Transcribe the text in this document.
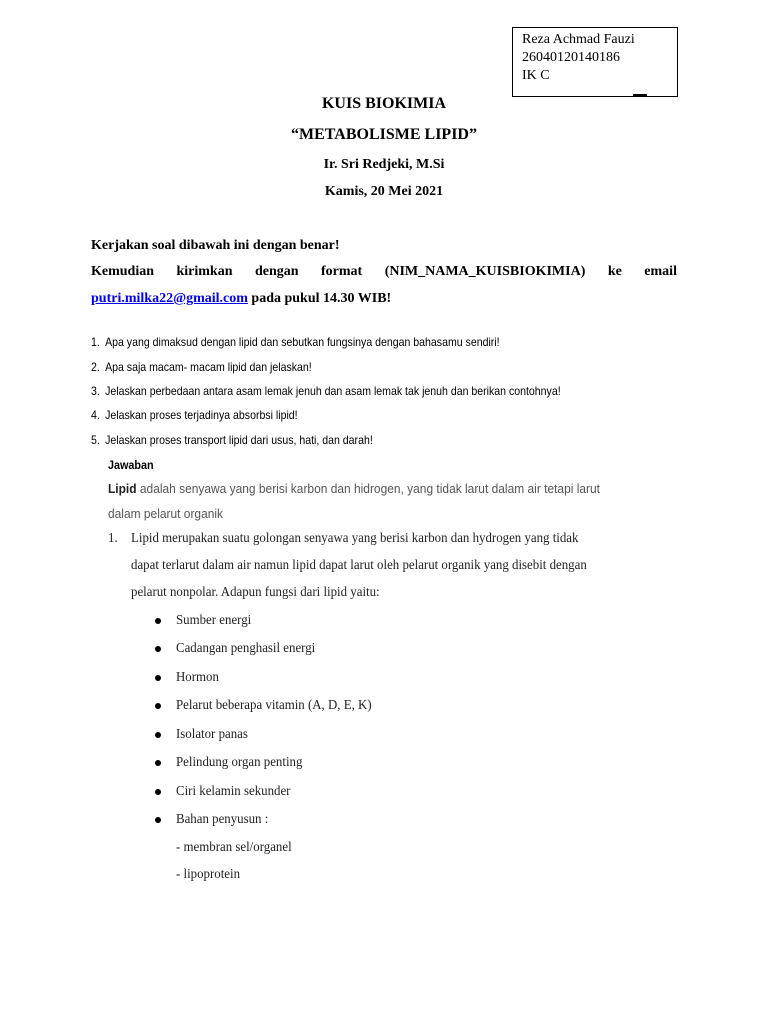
Reza Achmad Fauzi
26040120140186
IK C
KUIS BIOKIMIA
“METABOLISME LIPID”
Ir. Sri Redjeki, M.Si
Kamis, 20 Mei 2021
Kerjakan soal dibawah ini dengan benar!
Kemudian kirimkan dengan format (NIM_NAMA_KUISBIOKIMIA) ke email
putri.milka22@gmail.com pada pukul 14.30 WIB!
1. Apa yang dimaksud dengan lipid dan sebutkan fungsinya dengan bahasamu sendiri!
2. Apa saja macam- macam lipid dan jelaskan!
3. Jelaskan perbedaan antara asam lemak jenuh dan asam lemak tak jenuh dan berikan contohnya!
4. Jelaskan proses terjadinya absorbsi lipid!
5. Jelaskan proses transport lipid dari usus, hati, dan darah!
Jawaban
Lipid adalah senyawa yang berisi karbon dan hidrogen, yang tidak larut dalam air tetapi larut
dalam pelarut organik
1. Lipid merupakan suatu golongan senyawa yang berisi karbon dan hydrogen yang tidak
dapat terlarut dalam air namun lipid dapat larut oleh pelarut organik yang disebit dengan
pelarut nonpolar. Adapun fungsi dari lipid yaitu:
Sumber energi
Cadangan penghasil energi
Hormon
Pelarut beberapa vitamin (A, D, E, K)
Isolator panas
Pelindung organ penting
Ciri kelamin sekunder
Bahan penyusun :
- membran sel/organel
- lipoprotein
